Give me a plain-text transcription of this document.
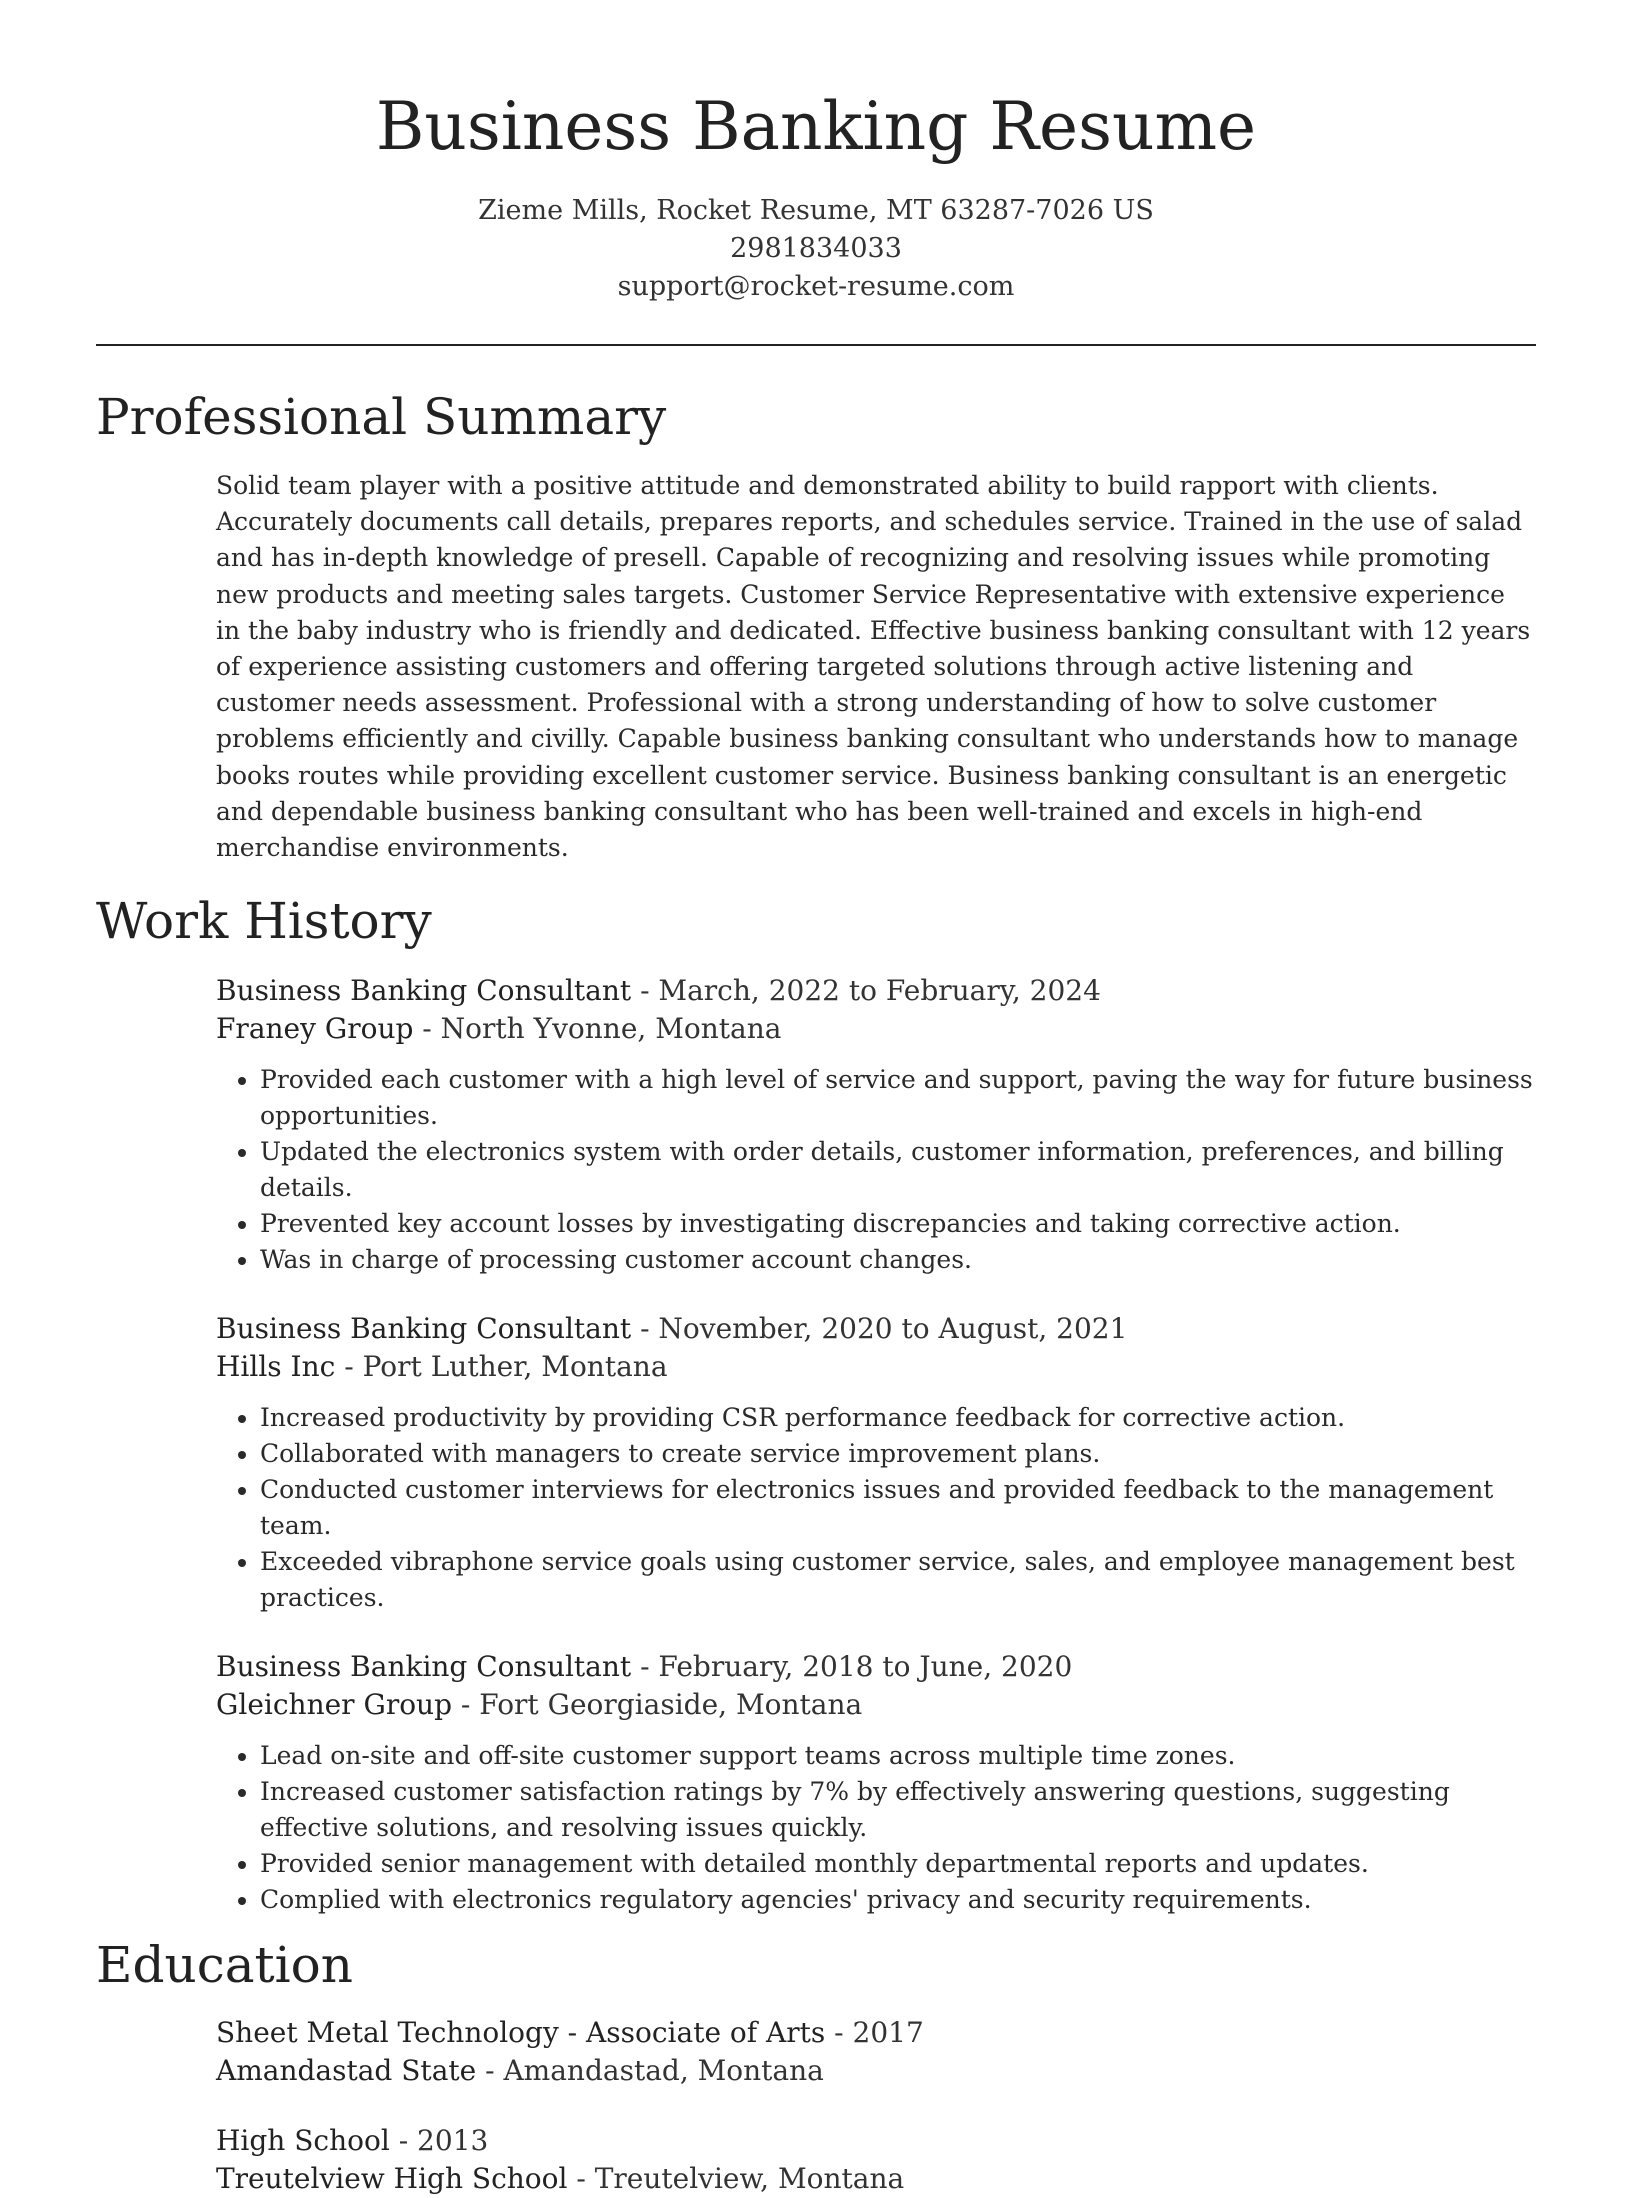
Business Banking Resume
Zieme Mills, Rocket Resume, MT 63287-7026 US
2981834033
support@rocket-resume.com
Professional Summary
Solid team player with a positive attitude and demonstrated ability to build rapport with clients. Accurately documents call details, prepares reports, and schedules service. Trained in the use of salad and has in-depth knowledge of presell. Capable of recognizing and resolving issues while promoting new products and meeting sales targets. Customer Service Representative with extensive experience in the baby industry who is friendly and dedicated. Effective business banking consultant with 12 years of experience assisting customers and offering targeted solutions through active listening and customer needs assessment. Professional with a strong understanding of how to solve customer problems efficiently and civilly. Capable business banking consultant who understands how to manage books routes while providing excellent customer service. Business banking consultant is an energetic and dependable business banking consultant who has been well-trained and excels in high-end merchandise environments.
Work History
Business Banking Consultant - March, 2022 to February, 2024
Franey Group - North Yvonne, Montana
• Provided each customer with a high level of service and support, paving the way for future business opportunities.
• Updated the electronics system with order details, customer information, preferences, and billing details.
• Prevented key account losses by investigating discrepancies and taking corrective action.
• Was in charge of processing customer account changes.
Business Banking Consultant - November, 2020 to August, 2021
Hills Inc - Port Luther, Montana
• Increased productivity by providing CSR performance feedback for corrective action.
• Collaborated with managers to create service improvement plans.
• Conducted customer interviews for electronics issues and provided feedback to the management team.
• Exceeded vibraphone service goals using customer service, sales, and employee management best practices.
Business Banking Consultant - February, 2018 to June, 2020
Gleichner Group - Fort Georgiaside, Montana
• Lead on-site and off-site customer support teams across multiple time zones.
• Increased customer satisfaction ratings by 7% by effectively answering questions, suggesting effective solutions, and resolving issues quickly.
• Provided senior management with detailed monthly departmental reports and updates.
• Complied with electronics regulatory agencies' privacy and security requirements.
Education
Sheet Metal Technology - Associate of Arts - 2017
Amandastad State - Amandastad, Montana
High School - 2013
Treutelview High School - Treutelview, Montana
